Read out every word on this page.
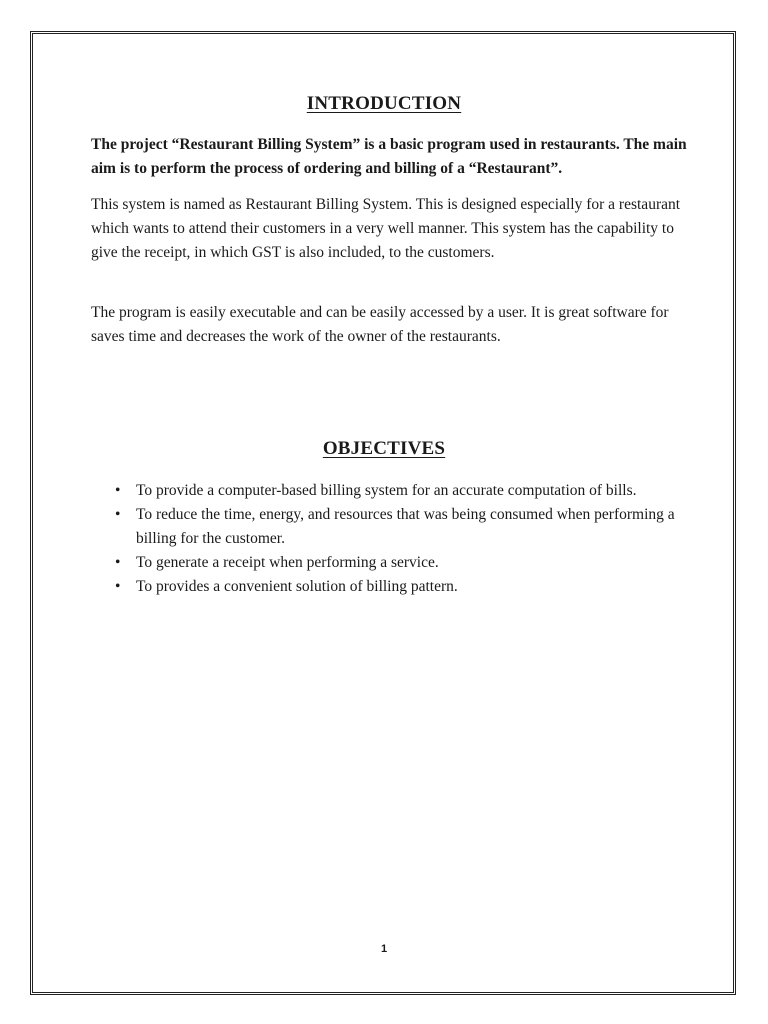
INTRODUCTION

The project “Restaurant Billing System” is a basic program used in restaurants. The main aim is to perform the process of ordering and billing of a “Restaurant”.

This system is named as Restaurant Billing System. This is designed especially for a restaurant which wants to attend their customers in a very well manner. This system has the capability to give the receipt, in which GST is also included, to the customers.

The program is easily executable and can be easily accessed by a user. It is great software for saves time and decreases the work of the owner of the restaurants.

OBJECTIVES
• To provide a computer-based billing system for an accurate computation of bills.
• To reduce the time, energy, and resources that was being consumed when performing a billing for the customer.
• To generate a receipt when performing a service.
• To provides a convenient solution of billing pattern.
1
